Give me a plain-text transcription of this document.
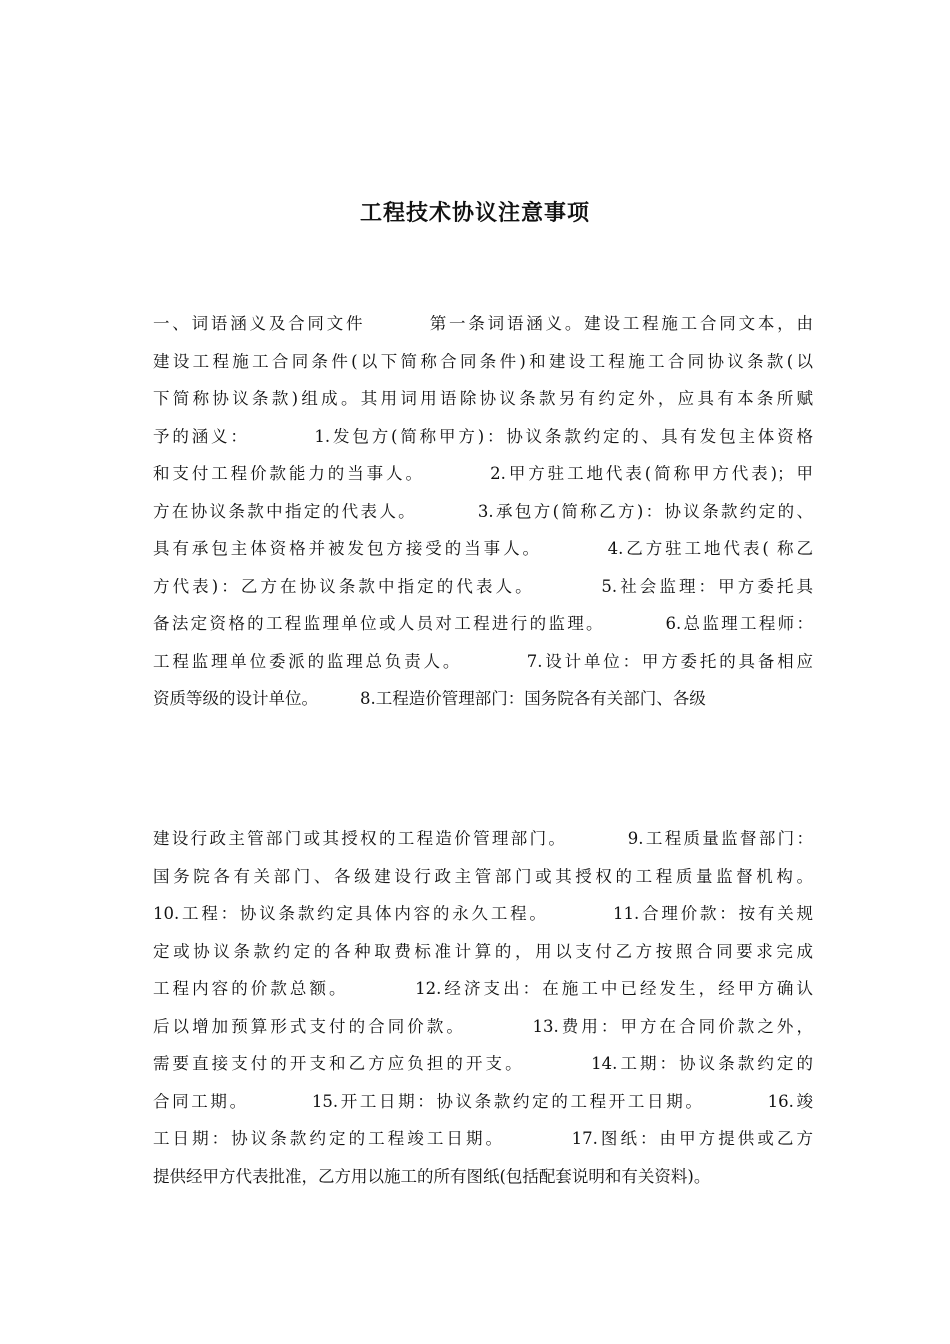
工程技术协议注意事项
一、词语涵义及合同文件        第一条词语涵义。建设工程施工合同文本，由
建设工程施工合同条件(以下简称合同条件)和建设工程施工合同协议条款(以
下简称协议条款)组成。其用词用语除协议条款另有约定外，应具有本条所赋
予的涵义：        1.发包方(简称甲方)：协议条款约定的、具有发包主体资格
和支付工程价款能力的当事人。        2.甲方驻工地代表(简称甲方代表)；甲
方在协议条款中指定的代表人。        3.承包方(简称乙方)：协议条款约定的、
具有承包主体资格并被发包方接受的当事人。        4.乙方驻工地代表( 称乙
方代表)：乙方在协议条款中指定的代表人。        5.社会监理：甲方委托具
备法定资格的工程监理单位或人员对工程进行的监理。        6.总监理工程师：
工程监理单位委派的监理总负责人。        7.设计单位：甲方委托的具备相应
资质等级的设计单位。        8.工程造价管理部门：国务院各有关部门、各级
建设行政主管部门或其授权的工程造价管理部门。        9.工程质量监督部门：
国务院各有关部门、各级建设行政主管部门或其授权的工程质量监督机构。
10.工程：协议条款约定具体内容的永久工程。        11.合理价款：按有关规
定或协议条款约定的各种取费标准计算的，用以支付乙方按照合同要求完成
工程内容的价款总额。        12.经济支出：在施工中已经发生，经甲方确认
后以增加预算形式支付的合同价款。        13.费用：甲方在合同价款之外，
需要直接支付的开支和乙方应负担的开支。        14.工期：协议条款约定的
合同工期。        15.开工日期：协议条款约定的工程开工日期。        16.竣
工日期：协议条款约定的工程竣工日期。        17.图纸：由甲方提供或乙方
提供经甲方代表批准，乙方用以施工的所有图纸(包括配套说明和有关资料)。
